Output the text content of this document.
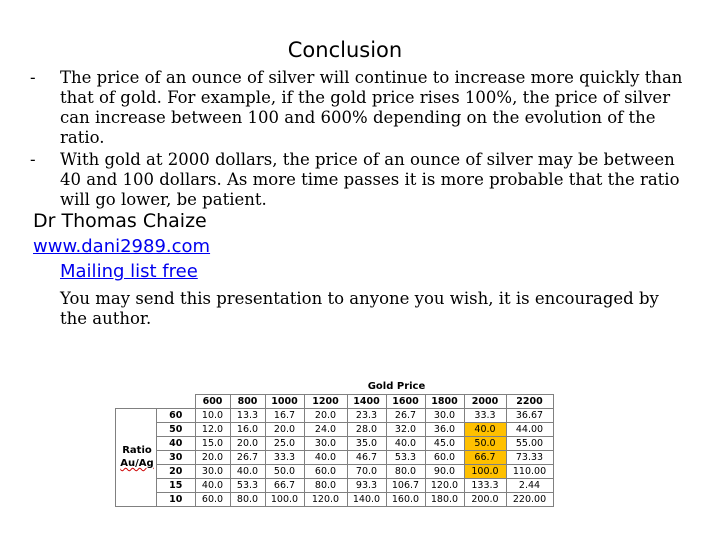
Conclusion
- The price of an ounce of silver will continue to increase more quickly than that of gold. For example, if the gold price rises 100%, the price of silver can increase between 100 and 600% depending on the evolution of the ratio.
- With gold at 2000 dollars, the price of an ounce of silver may be between 40 and 100 dollars. As more time passes it is more probable that the ratio will go lower, be patient.
Dr Thomas Chaize
www.dani2989.com
Mailing list free
You may send this presentation to anyone you wish, it is encouraged by the author.
Gold Price
Ratio
Au/Ag
		600	800	1000	1200	1400	1600	1800	2000	2200
	60	10.0	13.3	16.7	20.0	23.3	26.7	30.0	33.3	36.67
	50	12.0	16.0	20.0	24.0	28.0	32.0	36.0	40.0	44.00
	40	15.0	20.0	25.0	30.0	35.0	40.0	45.0	50.0	55.00
	30	20.0	26.7	33.3	40.0	46.7	53.3	60.0	66.7	73.33
	20	30.0	40.0	50.0	60.0	70.0	80.0	90.0	100.0	110.00
	15	40.0	53.3	66.7	80.0	93.3	106.7	120.0	133.3	2.44
	10	60.0	80.0	100.0	120.0	140.0	160.0	180.0	200.0	220.00
